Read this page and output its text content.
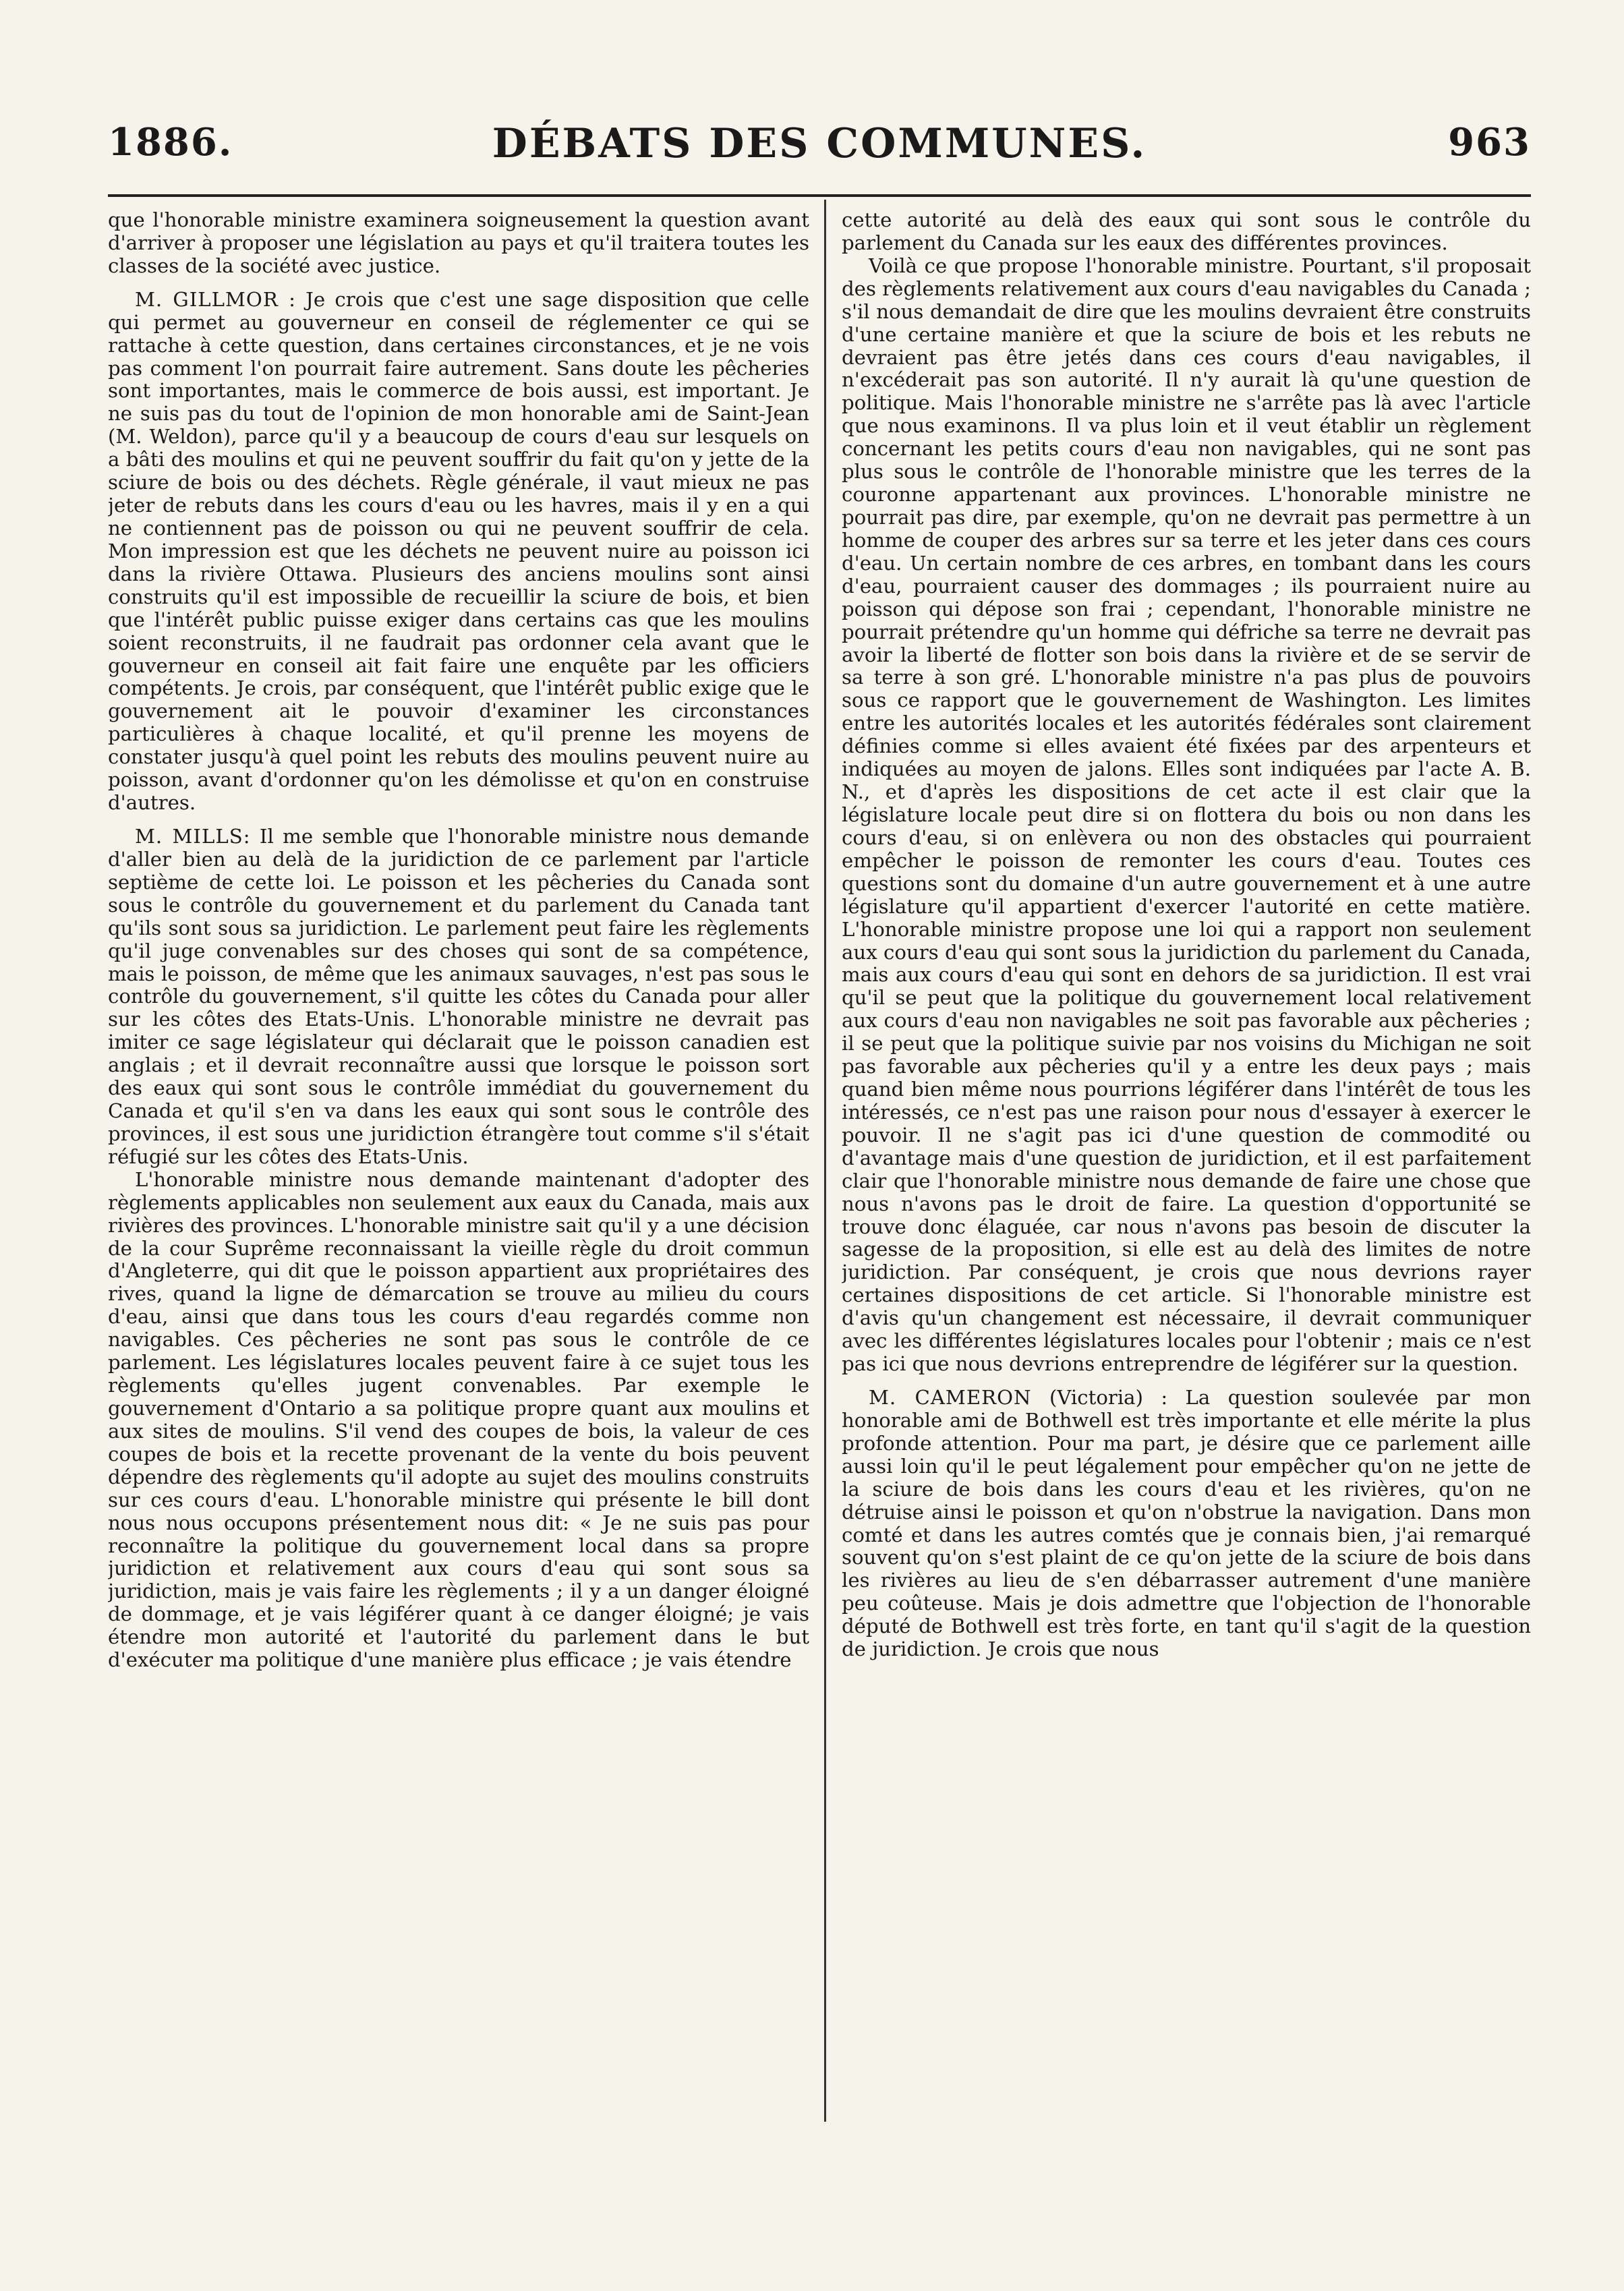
1886.	DÉBATS DES COMMUNES.	963

que l'honorable ministre examinera soigneusement la question avant d'arriver à proposer une législation au pays et qu'il traitera toutes les classes de la société avec justice.

M. GILLMOR : Je crois que c'est une sage disposition que celle qui permet au gouverneur en conseil de réglementer ce qui se rattache à cette question, dans certaines circonstances, et je ne vois pas comment l'on pourrait faire autrement. Sans doute les pêcheries sont importantes, mais le commerce de bois aussi, est important. Je ne suis pas du tout de l'opinion de mon honorable ami de Saint-Jean (M. Weldon), parce qu'il y a beaucoup de cours d'eau sur lesquels on a bâti des moulins et qui ne peuvent souffrir du fait qu'on y jette de la sciure de bois ou des déchets. Règle générale, il vaut mieux ne pas jeter de rebuts dans les cours d'eau ou les havres, mais il y en a qui ne contiennent pas de poisson ou qui ne peuvent souffrir de cela. Mon impression est que les déchets ne peuvent nuire au poisson ici dans la rivière Ottawa. Plusieurs des anciens moulins sont ainsi construits qu'il est impossible de recueillir la sciure de bois, et bien que l'intérêt public puisse exiger dans certains cas que les moulins soient reconstruits, il ne faudrait pas ordonner cela avant que le gouverneur en conseil ait fait faire une enquête par les officiers compétents. Je crois, par conséquent, que l'intérêt public exige que le gouvernement ait le pouvoir d'examiner les circonstances particulières à chaque localité, et qu'il prenne les moyens de constater jusqu'à quel point les rebuts des moulins peuvent nuire au poisson, avant d'ordonner qu'on les démolisse et qu'on en construise d'autres.

M. MILLS: Il me semble que l'honorable ministre nous demande d'aller bien au delà de la juridiction de ce parlement par l'article septième de cette loi. Le poisson et les pêcheries du Canada sont sous le contrôle du gouvernement et du parlement du Canada tant qu'ils sont sous sa juridiction. Le parlement peut faire les règlements qu'il juge convenables sur des choses qui sont de sa compétence, mais le poisson, de même que les animaux sauvages, n'est pas sous le contrôle du gouvernement, s'il quitte les côtes du Canada pour aller sur les côtes des Etats-Unis. L'honorable ministre ne devrait pas imiter ce sage législateur qui déclarait que le poisson canadien est anglais ; et il devrait reconnaître aussi que lorsque le poisson sort des eaux qui sont sous le contrôle immédiat du gouvernement du Canada et qu'il s'en va dans les eaux qui sont sous le contrôle des provinces, il est sous une juridiction étrangère tout comme s'il s'était réfugié sur les côtes des Etats-Unis.

L'honorable ministre nous demande maintenant d'adopter des règlements applicables non seulement aux eaux du Canada, mais aux rivières des provinces. L'honorable ministre sait qu'il y a une décision de la cour Suprême reconnaissant la vieille règle du droit commun d'Angleterre, qui dit que le poisson appartient aux propriétaires des rives, quand la ligne de démarcation se trouve au milieu du cours d'eau, ainsi que dans tous les cours d'eau regardés comme non navigables. Ces pêcheries ne sont pas sous le contrôle de ce parlement. Les législatures locales peuvent faire à ce sujet tous les règlements qu'elles jugent convenables. Par exemple le gouvernement d'Ontario a sa politique propre quant aux moulins et aux sites de moulins. S'il vend des coupes de bois, la valeur de ces coupes de bois et la recette provenant de la vente du bois peuvent dépendre des règlements qu'il adopte au sujet des moulins construits sur ces cours d'eau. L'honorable ministre qui présente le bill dont nous nous occupons présentement nous dit: « Je ne suis pas pour reconnaître la politique du gouvernement local dans sa propre juridiction et relativement aux cours d'eau qui sont sous sa juridiction, mais je vais faire les règlements ; il y a un danger éloigné de dommage, et je vais légiférer quant à ce danger éloigné; je vais étendre mon autorité et l'autorité du parlement dans le but d'exécuter ma politique d'une manière plus efficace ; je vais étendre

cette autorité au delà des eaux qui sont sous le contrôle du parlement du Canada sur les eaux des différentes provinces.

Voilà ce que propose l'honorable ministre. Pourtant, s'il proposait des règlements relativement aux cours d'eau navigables du Canada ; s'il nous demandait de dire que les moulins devraient être construits d'une certaine manière et que la sciure de bois et les rebuts ne devraient pas être jetés dans ces cours d'eau navigables, il n'excéderait pas son autorité. Il n'y aurait là qu'une question de politique. Mais l'honorable ministre ne s'arrête pas là avec l'article que nous examinons. Il va plus loin et il veut établir un règlement concernant les petits cours d'eau non navigables, qui ne sont pas plus sous le contrôle de l'honorable ministre que les terres de la couronne appartenant aux provinces. L'honorable ministre ne pourrait pas dire, par exemple, qu'on ne devrait pas permettre à un homme de couper des arbres sur sa terre et les jeter dans ces cours d'eau. Un certain nombre de ces arbres, en tombant dans les cours d'eau, pourraient causer des dommages ; ils pourraient nuire au poisson qui dépose son frai ; cependant, l'honorable ministre ne pourrait prétendre qu'un homme qui défriche sa terre ne devrait pas avoir la liberté de flotter son bois dans la rivière et de se servir de sa terre à son gré. L'honorable ministre n'a pas plus de pouvoirs sous ce rapport que le gouvernement de Washington. Les limites entre les autorités locales et les autorités fédérales sont clairement définies comme si elles avaient été fixées par des arpenteurs et indiquées au moyen de jalons. Elles sont indiquées par l'acte A. B. N., et d'après les dispositions de cet acte il est clair que la législature locale peut dire si on flottera du bois ou non dans les cours d'eau, si on enlèvera ou non des obstacles qui pourraient empêcher le poisson de remonter les cours d'eau. Toutes ces questions sont du domaine d'un autre gouvernement et à une autre législature qu'il appartient d'exercer l'autorité en cette matière. L'honorable ministre propose une loi qui a rapport non seulement aux cours d'eau qui sont sous la juridiction du parlement du Canada, mais aux cours d'eau qui sont en dehors de sa juridiction. Il est vrai qu'il se peut que la politique du gouvernement local relativement aux cours d'eau non navigables ne soit pas favorable aux pêcheries ; il se peut que la politique suivie par nos voisins du Michigan ne soit pas favorable aux pêcheries qu'il y a entre les deux pays ; mais quand bien même nous pourrions légiférer dans l'intérêt de tous les intéressés, ce n'est pas une raison pour nous d'essayer à exercer le pouvoir. Il ne s'agit pas ici d'une question de commodité ou d'avantage mais d'une question de juridiction, et il est parfaitement clair que l'honorable ministre nous demande de faire une chose que nous n'avons pas le droit de faire. La question d'opportunité se trouve donc élaguée, car nous n'avons pas besoin de discuter la sagesse de la proposition, si elle est au delà des limites de notre juridiction. Par conséquent, je crois que nous devrions rayer certaines dispositions de cet article. Si l'honorable ministre est d'avis qu'un changement est nécessaire, il devrait communiquer avec les différentes législatures locales pour l'obtenir ; mais ce n'est pas ici que nous devrions entreprendre de légiférer sur la question.

M. CAMERON (Victoria) : La question soulevée par mon honorable ami de Bothwell est très importante et elle mérite la plus profonde attention. Pour ma part, je désire que ce parlement aille aussi loin qu'il le peut légalement pour empêcher qu'on ne jette de la sciure de bois dans les cours d'eau et les rivières, qu'on ne détruise ainsi le poisson et qu'on n'obstrue la navigation. Dans mon comté et dans les autres comtés que je connais bien, j'ai remarqué souvent qu'on s'est plaint de ce qu'on jette de la sciure de bois dans les rivières au lieu de s'en débarrasser autrement d'une manière peu coûteuse. Mais je dois admettre que l'objection de l'honorable député de Bothwell est très forte, en tant qu'il s'agit de la question de juridiction. Je crois que nous
